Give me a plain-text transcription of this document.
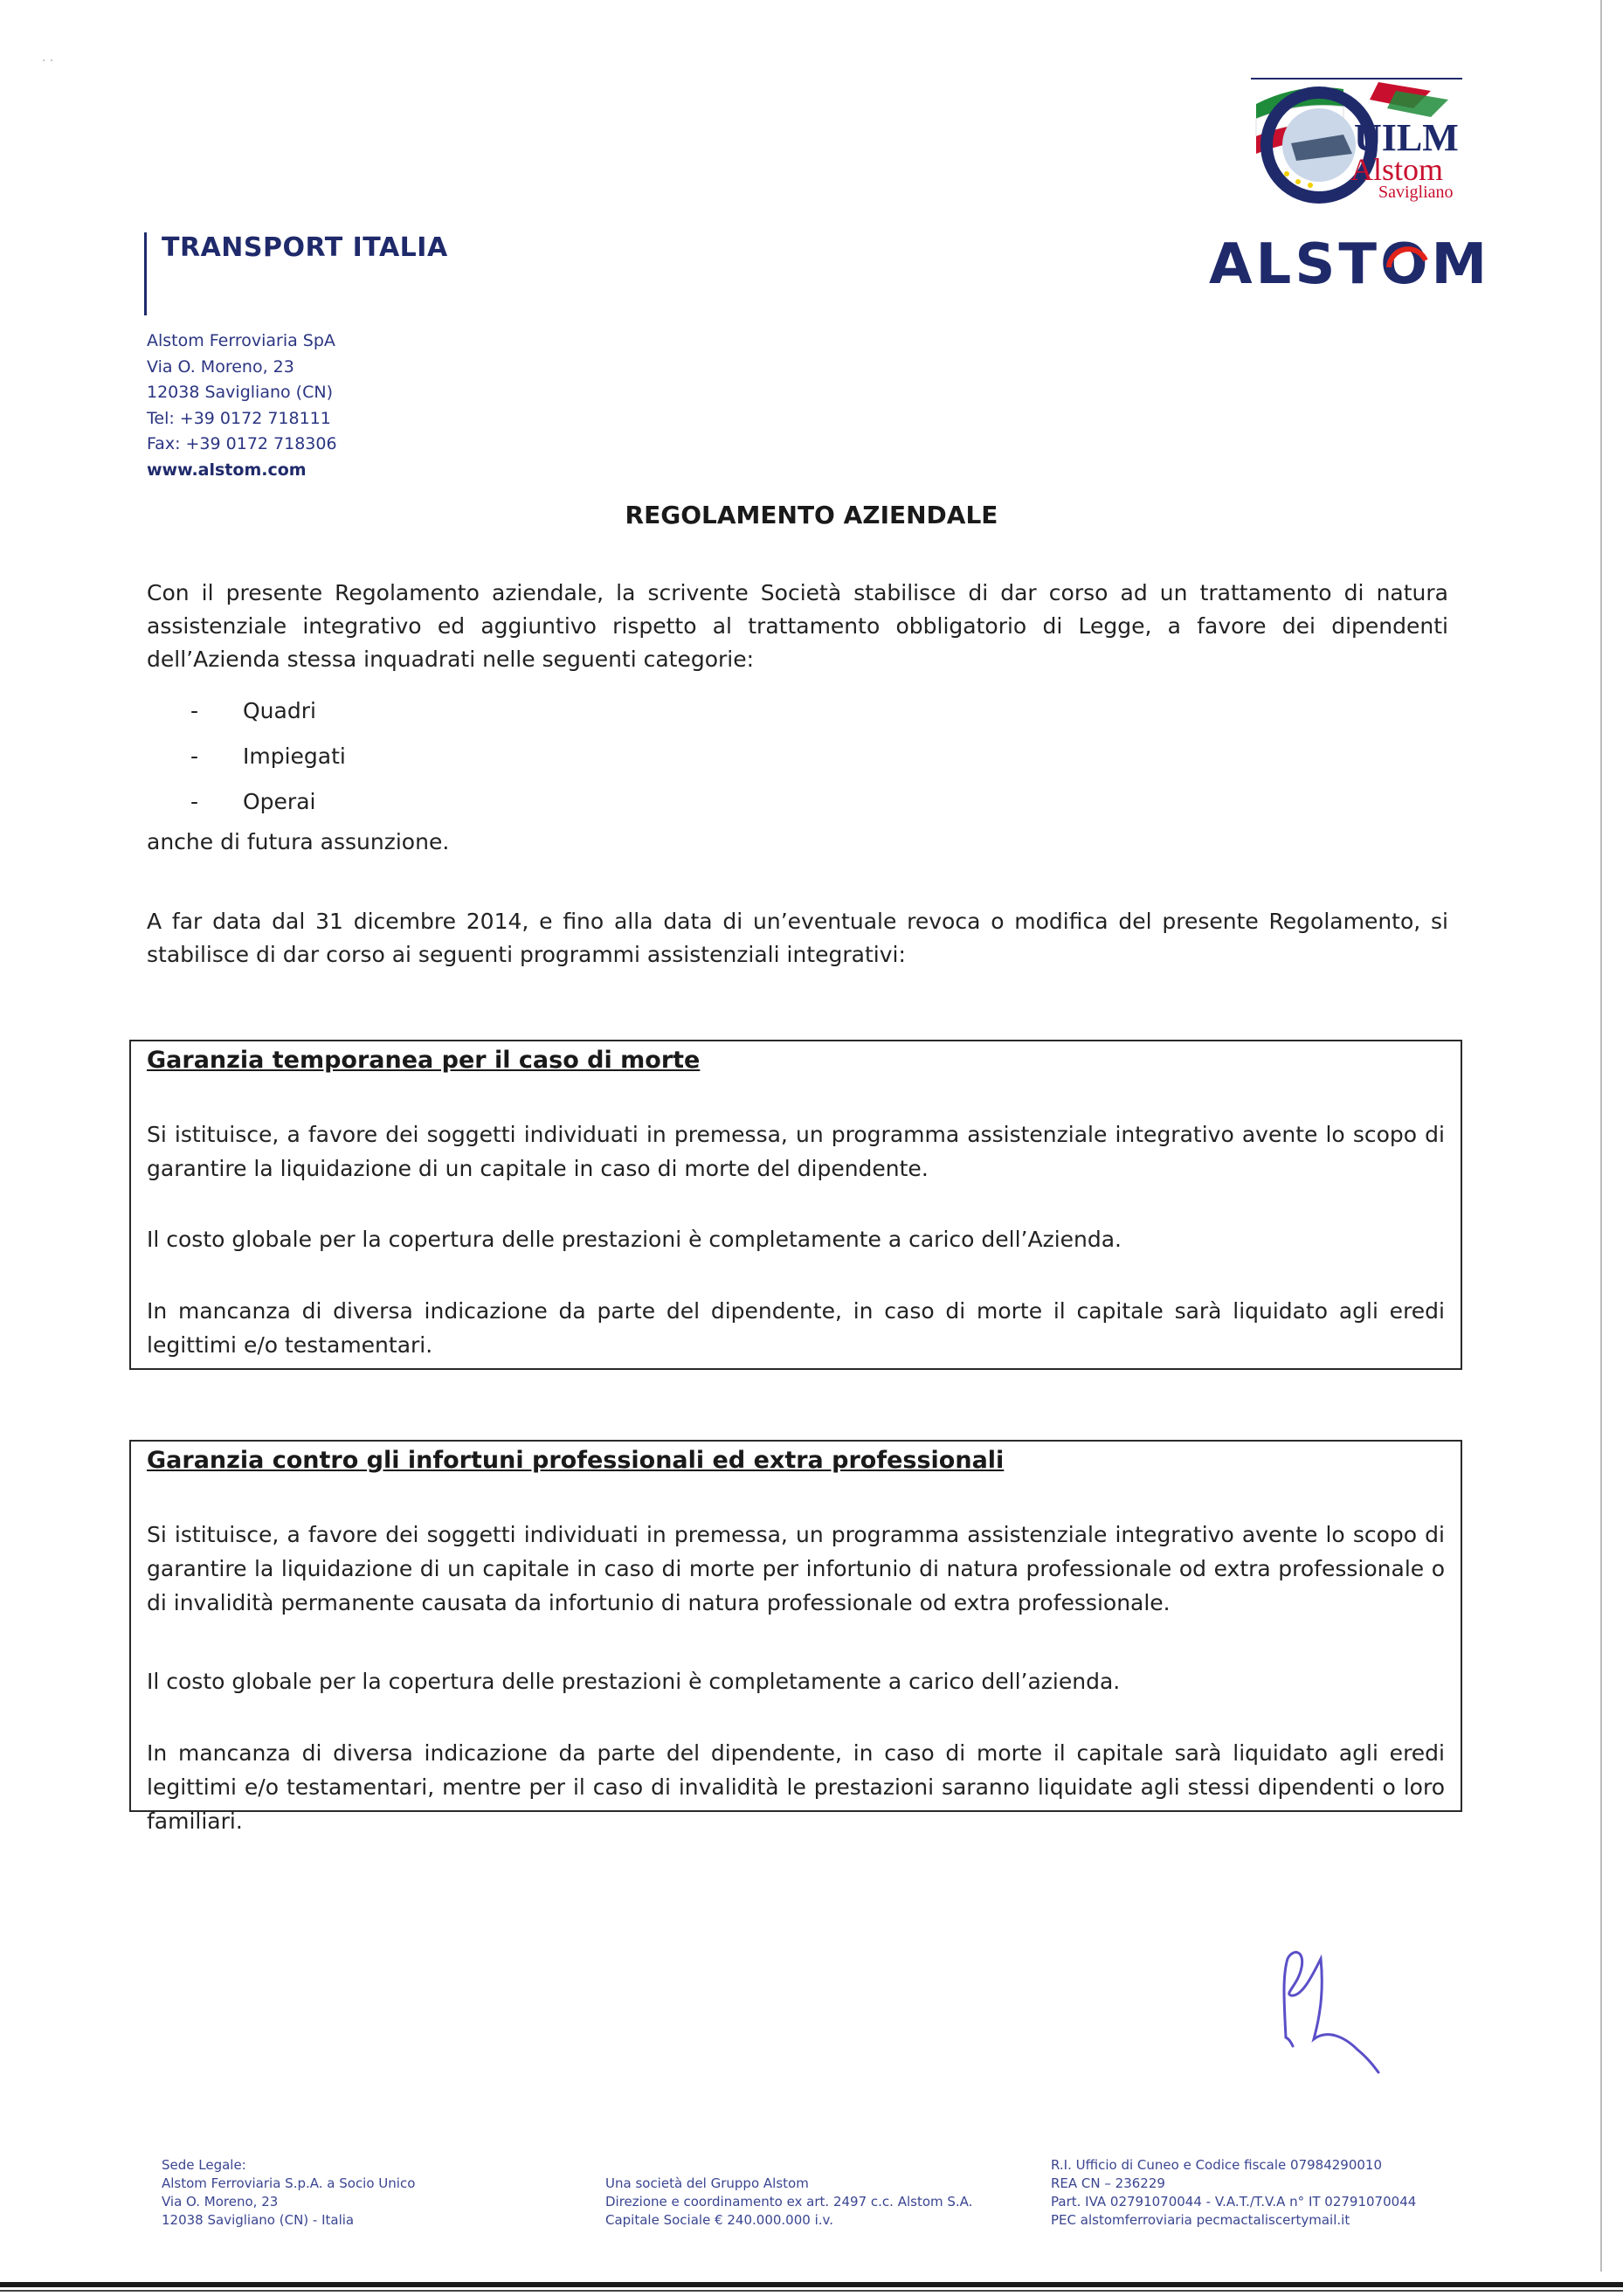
· ·
TRANSPORT ITALIA
Alstom Ferroviaria SpA
Via O. Moreno, 23
12038 Savigliano (CN)
Tel: +39 0172 718111
Fax: +39 0172 718306
www.alstom.com
UILM
Alstom
Savigliano
ALSTOM
REGOLAMENTO AZIENDALE
Con il presente Regolamento aziendale, la scrivente Società stabilisce di dar corso ad un trattamento di natura assistenziale integrativo ed aggiuntivo rispetto al trattamento obbligatorio di Legge, a favore dei dipendenti dell’Azienda stessa inquadrati nelle seguenti categorie:
- Quadri
- Impiegati
- Operai
anche di futura assunzione.
A far data dal 31 dicembre 2014, e fino alla data di un’eventuale revoca o modifica del presente Regolamento, si stabilisce di dar corso ai seguenti programmi assistenziali integrativi:
Garanzia temporanea per il caso di morte
Si istituisce, a favore dei soggetti individuati in premessa, un programma assistenziale integrativo avente lo scopo di garantire la liquidazione di un capitale in caso di morte del dipendente.
Il costo globale per la copertura delle prestazioni è completamente a carico dell’Azienda.
In mancanza di diversa indicazione da parte del dipendente, in caso di morte il capitale sarà liquidato agli eredi legittimi e/o testamentari.
Garanzia contro gli infortuni professionali ed extra professionali
Si istituisce, a favore dei soggetti individuati in premessa, un programma assistenziale integrativo avente lo scopo di garantire la liquidazione di un capitale in caso di morte per infortunio di natura professionale od extra professionale o di invalidità permanente causata da infortunio di natura professionale od extra professionale.
Il costo globale per la copertura delle prestazioni è completamente a carico dell’azienda.
In mancanza di diversa indicazione da parte del dipendente, in caso di morte il capitale sarà liquidato agli eredi legittimi e/o testamentari, mentre per il caso di invalidità le prestazioni saranno liquidate agli stessi dipendenti o loro familiari.
Sede Legale:
Alstom Ferroviaria S.p.A. a Socio Unico
Via O. Moreno, 23
12038 Savigliano (CN) - Italia
Una società del Gruppo Alstom
Direzione e coordinamento ex art. 2497 c.c. Alstom S.A.
Capitale Sociale € 240.000.000 i.v.
R.I. Ufficio di Cuneo e Codice fiscale 07984290010
REA CN – 236229
Part. IVA 02791070044 - V.A.T./T.V.A n° IT 02791070044
PEC alstomferroviaria pecmactaliscertymail.it
